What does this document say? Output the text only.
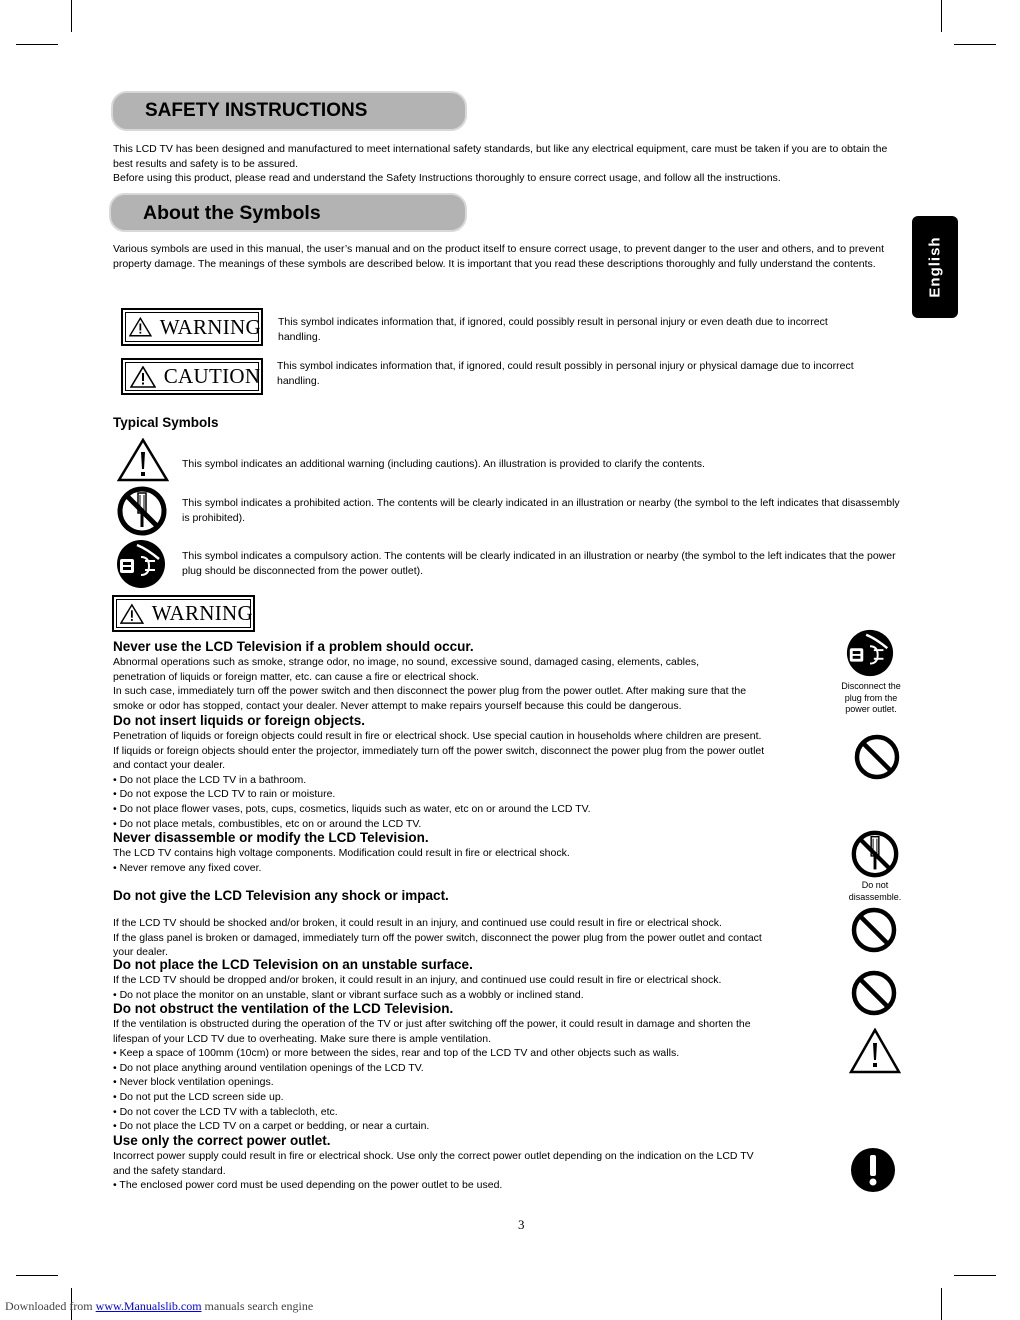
SAFETY INSTRUCTIONS
This LCD TV has been designed and manufactured to meet international safety standards, but like any electrical equipment, care must be taken if you are to obtain the best results and safety is to be assured.
Before using this product, please read and understand the Safety Instructions thoroughly to ensure correct usage, and follow all the instructions.
About the Symbols
Various symbols are used in this manual, the user’s manual and on the product itself to ensure correct usage, to prevent danger to the user and others, and to prevent property damage. The meanings of these symbols are described below. It is important that you read these descriptions thoroughly and fully understand the contents.	English
WARNING This symbol indicates information that, if ignored, could possibly result in personal injury or even death due to incorrect handling.
CAUTION This symbol indicates information that, if ignored, could result possibly in personal injury or physical damage due to incorrect handling.
Typical Symbols
This symbol indicates an additional warning (including cautions). An illustration is provided to clarify the contents.
This symbol indicates a prohibited action. The contents will be clearly indicated in an illustration or nearby (the symbol to the left indicates that disassembly is prohibited).
This symbol indicates a compulsory action. The contents will be clearly indicated in an illustration or nearby (the symbol to the left indicates that the power plug should be disconnected from the power outlet).
WARNING
Never use the LCD Television if a problem should occur.
Abnormal operations such as smoke, strange odor, no image, no sound, excessive sound, damaged casing, elements, cables,
penetration of liquids or foreign matter, etc. can cause a fire or electrical shock.
In such case, immediately turn off the power switch and then disconnect the power plug from the power outlet. After making sure that the
smoke or odor has stopped, contact your dealer. Never attempt to make repairs yourself because this could be dangerous.
Do not insert liquids or foreign objects.
Penetration of liquids or foreign objects could result in fire or electrical shock. Use special caution in households where children are present.
If liquids or foreign objects should enter the projector, immediately turn off the power switch, disconnect the power plug from the power outlet
and contact your dealer.
• Do not place the LCD TV in a bathroom.
• Do not expose the LCD TV to rain or moisture.
• Do not place flower vases, pots, cups, cosmetics, liquids such as water, etc on or around the LCD TV.
• Do not place metals, combustibles, etc on or around the LCD TV.
Never disassemble or modify the LCD Television.
The LCD TV contains high voltage components. Modification could result in fire or electrical shock.
• Never remove any fixed cover.
Do not give the LCD Television any shock or impact.
If the LCD TV should be shocked and/or broken, it could result in an injury, and continued use could result in fire or electrical shock.
If the glass panel is broken or damaged, immediately turn off the power switch, disconnect the power plug from the power outlet and contact
your dealer.
Do not place the LCD Television on an unstable surface.
If the LCD TV should be dropped and/or broken, it could result in an injury, and continued use could result in fire or electrical shock.
• Do not place the monitor on an unstable, slant or vibrant surface such as a wobbly or inclined stand.
Do not obstruct the ventilation of the LCD Television.
If the ventilation is obstructed during the operation of the TV or just after switching off the power, it could result in damage and shorten the
lifespan of your LCD TV due to overheating. Make sure there is ample ventilation.
• Keep a space of 100mm (10cm) or more between the sides, rear and top of the LCD TV and other objects such as walls.
• Do not place anything around ventilation openings of the LCD TV.
• Never block ventilation openings.
• Do not put the LCD screen side up.
• Do not cover the LCD TV with a tablecloth, etc.
• Do not place the LCD TV on a carpet or bedding, or near a curtain.
Use only the correct power outlet.
Incorrect power supply could result in fire or electrical shock. Use only the correct power outlet depending on the indication on the LCD TV
and the safety standard.
• The enclosed power cord must be used depending on the power outlet to be used.
Disconnect the
plug from the
power outlet.
Do not
disassemble.
3
Downloaded from www.Manualslib.com manuals search engine
